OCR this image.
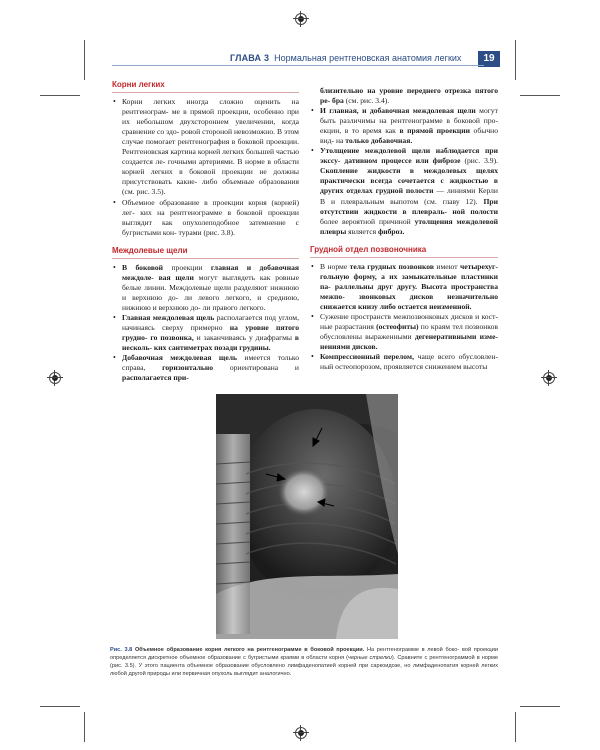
ГЛАВА 3 Нормальная рентгеновская анатомия легких	19
Корни легких
• Корни легких иногда сложно оценить на рентгенограм- ме в прямой проекции, особенно при их небольшом двухстороннем увеличении, когда сравнение со здо- ровой стороной невозможно. В этом случае помогает рентгенография в боковой проекции. Рентгеновская картина корней легких большей частью создается ле- гочными артериями. В норме в области корней легких в боковой проекции не должны присутствовать какие- либо объемные образования (см. рис. 3.5).
• Объемное образование в проекции корня (корней) лег- ких на рентгенограмме в боковой проекции выглядит как опухолеподобное затемнение с бугристыми кон- турами (рис. 3.8).
Междолевые щели
• В боковой проекции главная и добавочная междоле- вая щели могут выглядеть как ровные белые линии. Междолевые щели разделяют нижнюю и верхнюю до- ли левого легкого, и среднюю, нижнюю и верхнюю до- ли правого легкого.
• Главная междолевая щель располагается под углом, начинаясь сверху примерно на уровне пятого грудно- го позвонка, и заканчиваясь у диафрагмы в несколь- ких сантиметрах позади грудины.
• Добавочная междолевая щель имеется только справа, горизонтально ориентирована и располагается при-
близительно на уровне переднего отрезка пятого ре- бра (см. рис. 3.4).
• И главная, и добавочная междолевая щели могут быть различимы на рентгенограмме в боковой про- екции, в то время как в прямой проекции обычно вид- на только добавочная.
• Утолщение междолевой щели наблюдается при экссу- дативном процессе или фиброзе (рис. 3.9). Скопление жидкости в междолевых щелях практически всегда сочетается с жидкостью в других отделах грудной полости — линиями Керли В и плевральным выпотом (см. главу 12). При отсутствии жидкости в плевраль- ной полости более вероятной причиной утолщения междолевой плевры является фиброз.
Грудной отдел позвоночника
• В норме тела грудных позвонков имеют четырехуг- гольную форму, а их замыкательные пластинки па- раллельны друг другу. Высота пространства межпо- звонковых дисков незначительно снижается книзу либо остается неизменной.
• Сужение пространств межпозвонковых дисков и кост- ные разрастания (остеофиты) по краям тел позвонков обусловлены выраженными дегенеративными изме- нениями дисков.
• Компрессионный перелом, чаще всего обусловлен- ный остеопорозом, проявляется снижением высоты
Рис. 3.8 Объемное образование корня легкого на рентгенограмме в боковой проекции. На рентгенограмме в левой боко- вой проекции определяется дискретное объемное образование с бугристыми краями в области корня (черные стрелки). Сравните с рентгенограммой в норме (рис. 3.5). У этого пациента объемное образование обусловлено лимфаденопатией корней при саркоидозе, но лимфаденопатия корней легких любой другой природы или первичная опухоль выглядит аналогично.
